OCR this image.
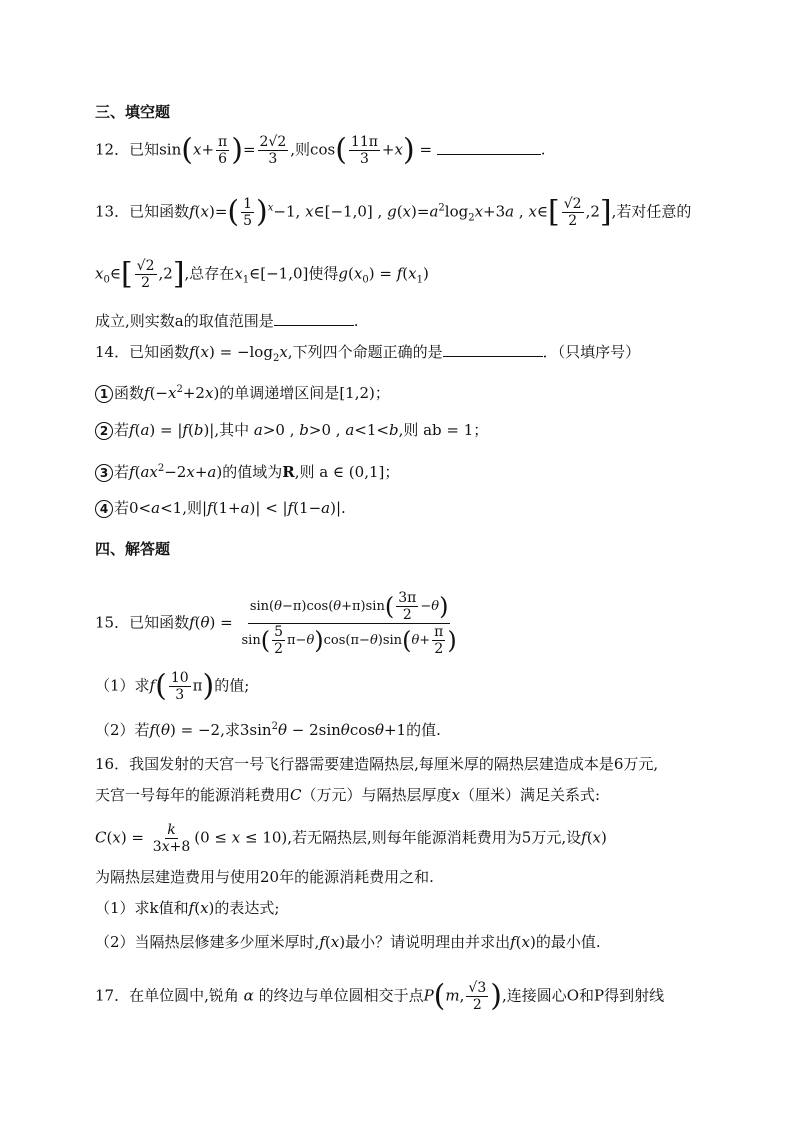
三、填空题
12．已知$\sin(x+ \frac{\pi}{6}$ )= $\frac{2√2}{3}$ ,则$\cos( \frac{11\pi}{3} +x)$ =	.
13．已知函数$f(x)=( \frac{1}{5} )^x-1$, x∈[−1,0] , $g(x)=a^2\log_2x+3a$ , x∈[ $\frac{√2}{2} ,2$],若对任意的
$x_0\in[ \frac{√2}{2} ,2]$,总存在$x_1\in[-1,0]$使得$g(x_0) = f(x_1)$
成立,则实数a的取值范围是	.
14．已知函数$f(x) = -\log_2x$,下列四个命题正确的是	．（只填序号）
1 函数$f(-x^2+2x)$的单调递增区间是[1,2)；
2 若f(a) = |f(b)|,其中 a>0 , b>0 , a<1<b,则 ab = 1；
3 若$f(ax^2-2x+a)$的值域为R,则 a ∈ (0,1]；
4 若0<a<1,则|f(1+a)| < |f(1−a)|.
四、解答题
15．已知函数$f(\theta) = \frac{\sin(\theta-\pi)\cos(\theta+\pi)\sin( \frac{3\pi}{2} -\theta)}{\sin( \frac{5}{2} \pi-\theta)\cos(\pi-\theta)\sin(\theta+ \frac{\pi}{2} )}$
（1）求$f( \frac{10}{3} \pi)$的值;
（2）若f(θ) = −2,求$3\sin^2\theta - 2\sin\theta\cos\theta+1$的值.
16．我国发射的天宫一号飞行器需要建造隔热层,每厘米厚的隔热层建造成本是6万元,
天宫一号每年的能源消耗费用C（万元）与隔热层厚度x（厘米）满足关系式:
$C(x) = \frac{k}{3x+8} (0 \le x \le 10)$,若无隔热层,则每年能源消耗费用为5万元,设f(x)
为隔热层建造费用与使用20年的能源消耗费用之和.
（1）求k值和f(x)的表达式;
（2）当隔热层修建多少厘米厚时,f(x)最小？请说明理由并求出f(x)的最小值.
17．在单位圆中,锐角 α 的终边与单位圆相交于点P(m, $\frac{√3}{2}$ ),连接圆心O和P得到射线
